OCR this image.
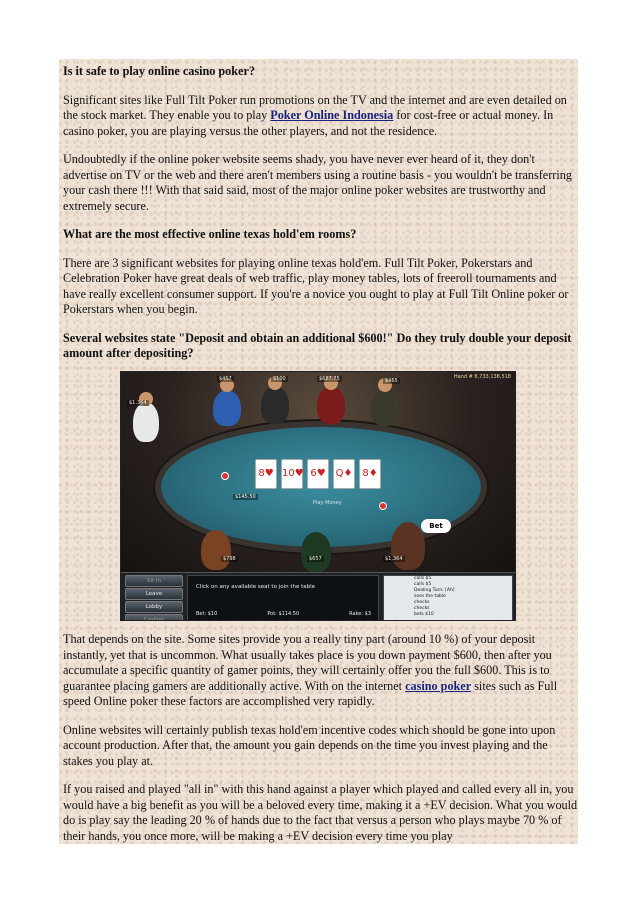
Is it safe to play online casino poker?

Significant sites like Full Tilt Poker run promotions on the TV and the internet and are even detailed on the stock market. They enable you to play Poker Online Indonesia for cost-free or actual money. In casino poker, you are playing versus the other players, and not the residence.

Undoubtedly if the online poker website seems shady, you have never ever heard of it, they don't advertise on TV or the web and there aren't members using a routine basis - you wouldn't be transferring your cash there !!! With that said said, most of the major online poker websites are trustworthy and extremely secure.

What are the most effective online texas hold'em rooms?

There are 3 significant websites for playing online texas hold'em. Full Tilt Poker, Pokerstars and Celebration Poker have great deals of web traffic, play money tables, lots of freeroll tournaments and have really excellent consumer support. If you're a novice you ought to play at Full Tilt Online poker or Pokerstars when you begin.

Several websites state "Deposit and obtain an additional $600!" Do they truly double your deposit amount after depositing?
Hand # 8,733,138,518
Play Money
$1,364
$457	$100	$687.75	$465
$798	$657	$1,364
$145.50
8♥ 10♥ 6♥ Q♦ 8♦
Bet
Sit In
Leave
Lobby
Cashier
Click on any available seat to join the table
Bet: $10	Pot: $114.50	Rake: $3
calls $5
calls $5
Dealing Turn: [Ah]
sees the table
checks
checks
bets $10

That depends on the site. Some sites provide you a really tiny part (around 10 %) of your deposit instantly, yet that is uncommon. What usually takes place is you down payment $600, then after you accumulate a specific quantity of gamer points, they will certainly offer you the full $600. This is to guarantee placing gamers are additionally active. With on the internet casino poker sites such as Full speed Online poker these factors are accomplished very rapidly.

Online websites will certainly publish texas hold'em incentive codes which should be gone into upon account production. After that, the amount you gain depends on the time you invest playing and the stakes you play at.

If you raised and played "all in" with this hand against a player which played and called every all in, you would have a big benefit as you will be a beloved every time, making it a +EV decision. What you would do is play say the leading 20 % of hands due to the fact that versus a person who plays maybe 70 % of their hands, you once more, will be making a +EV decision every time you play
